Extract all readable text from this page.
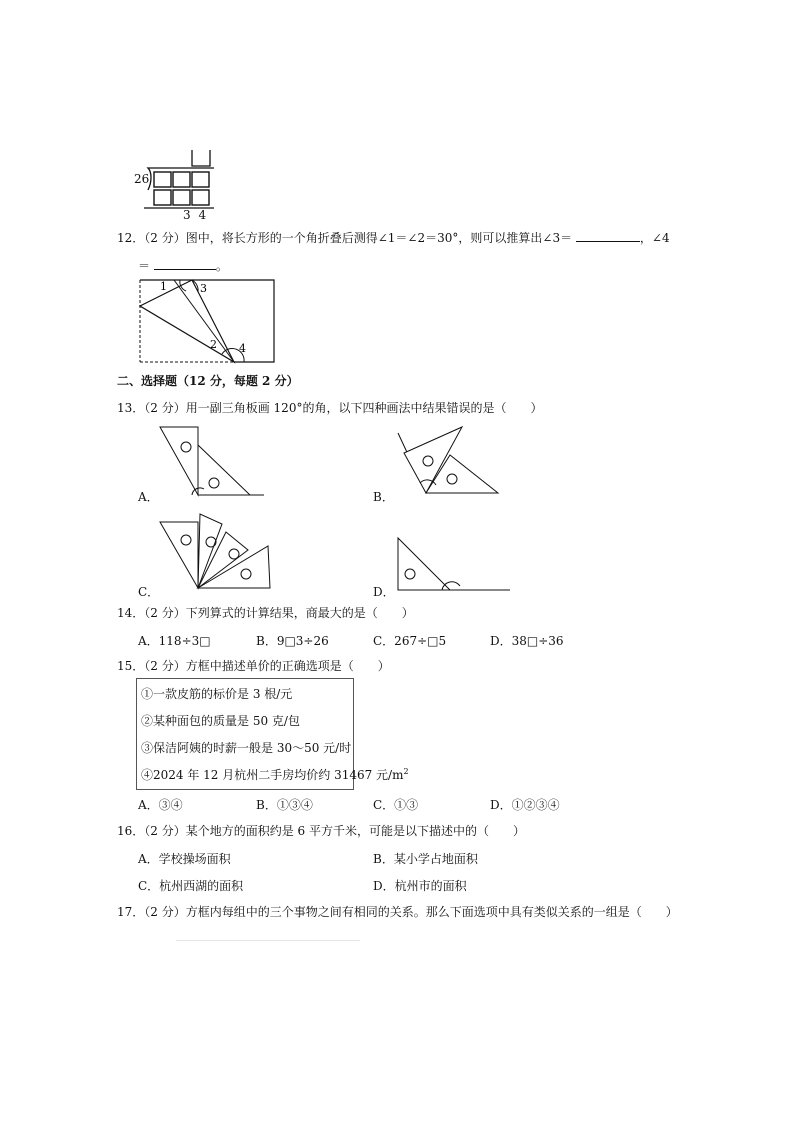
26
3 4
12．（2 分）图中，将长方形的一个角折叠后测得∠1＝∠2＝30°，则可以推算出∠3＝	，∠4
＝	。
1	3
2 4
二、选择题（12 分，每题 2 分）
13．（2 分）用一副三角板画 120°的角，以下四种画法中结果错误的是（　　）
A．	B．
C．	D．
14．（2 分）下列算式的计算结果，商最大的是（　　）
A．118÷3□	B．9□3÷26	C．267÷□5	D．38□÷36
15．（2 分）方框中描述单价的正确选项是（　　）
①一款皮筋的标价是 3 根/元
②某种面包的质量是 50 克/包
③保洁阿姨的时薪一般是 30～50 元/时
④2024 年 12 月杭州二手房均价约 31467 元$/m^2$
A．③④	B．①③④	C．①③	D．①②③④
16．（2 分）某个地方的面积约是 6 平方千米，可能是以下描述中的（　　）
A．学校操场面积	B．某小学占地面积
C．杭州西湖的面积	D．杭州市的面积
17．（2 分）方框内每组中的三个事物之间有相同的关系。那么下面选项中具有类似关系的一组是（　　）
